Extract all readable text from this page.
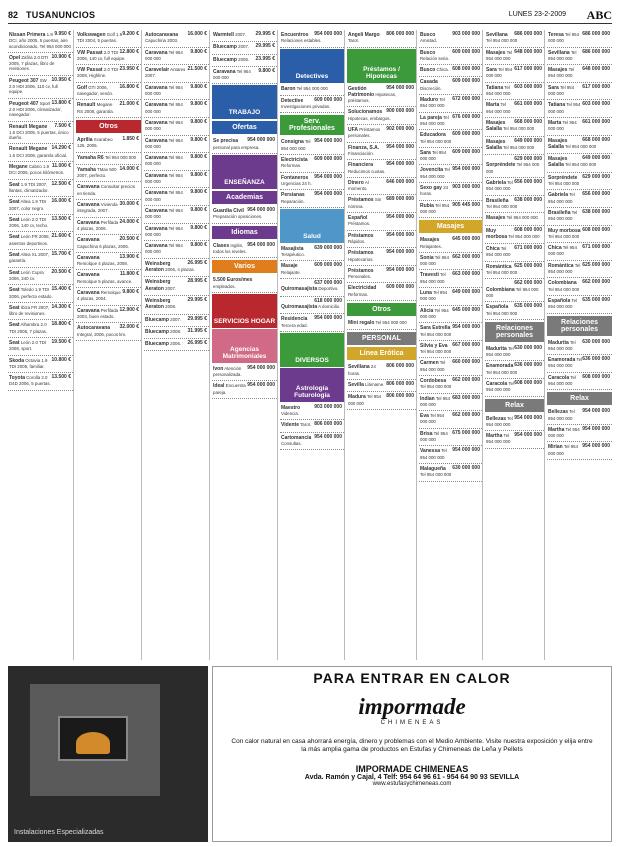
82 TUSANUNCIOS	LUNES 23-2-2009 ABC
9.950 €
Nissan Primera 1.9 DCI, año 2005, 5 puertas, aire acondicionado. Tel 954 000 000
10.900 €
Opel Zafira 2.0 DTI 2005, 7 plazas, libro de revisiones.
10.950 €
Peugeot 307 SW 2.0 HDI 2006, 110 cv, full equipe.
13.800 €
Peugeot 407 Sport 2.0 HDI 2006, climatizador, navegador.
7.500 €
Renault Megane 1.5 DCI 2005, 5 puertas, único dueño.
14.290 €
Renault Megane 1.5 DCI 2008, garantía oficial.
11.000 €
Megane Cabrio 1.9 DCI 2006, pocos kilómetros.
12.500 €
Seat 1.9 TDI 2007, llantas, climatizador.
16.000 €
Seat Altea 1.9 TDI 2007, color negro.
13.500 €
Seat León 2.0 TDI 2006, 140 cv, techo.
21.600 €
Seat León FR 2008, asientos deportivos.
15.700 €
Seat Altea XL 2007, garantía.
20.500 €
Seat León Cupra 2006, 240 cv.
15.400 €
Seat Toledo 1.9 TDI 2006, perfecto estado.
14.300 €
Seat Ibiza FR 2007, libro de revisiones.
18.800 €
Seat Alhambra 2.0 TDI 2006, 7 plazas.
19.500 €
Seat León 2.0 TDI 2008, sport.
10.800 €
Skoda Octavia 1.9 TDI 2005, familiar.
13.500 €
Toyota Corolla 2.0 D4D 2006, 5 puertas.
9.200 €
Volkswagen Golf 1.9 TDI 2004, 5 puertas.
12.800 €
VW Passat 2.0 TDI 2006, 140 cv, full equipe.
23.950 €
VW Passat 2.0 TDI 2008, Highline.
16.800 €
Golf GTI 2006, navegador, xenón.
21.000 €
Renault Megane RS 2008, garantía.
Otros
1.850 €
Aprilia Scarabeo 125, 2006.
Yamaha R6 Tel 954 000 000
14.000 €
Yamaha TMax 500 2007, perfecto.
Caravana Consultar precios en tienda.
30.000 €
Caravana Vivienda integrada, 2007.
24.000 €
Caravana Perfilada 4 plazas, 2006.
20.500 €
Caravana Capuchina 6 plazas, 2005.
13.900 €
Caravana Remolque 4 plazas, 2008.
11.800 €
Caravana Remolque 5 plazas, avance.
9.800 €
Caravana Remolque 4 plazas, 2004.
12.900 €
Caravana Perfilada 2003, buen estado.
32.000 €
Autocaravana Integral, 2006, pocos km.
16.000 €
Autocaravana Capuchina 2003.
9.800 €
Caravana Tel 954 000 000
21.500 €
Caravelair Antares 2007.
9.800 €
Caravana Tel 954 000 000
9.800 €
Caravana Tel 954 000 000
9.800 €
Caravana Tel 954 000 000
9.800 €
Caravana Tel 954 000 000
9.800 €
Caravana Tel 954 000 000
9.800 €
Caravana Tel 954 000 000
9.800 €
Caravana Tel 954 000 000
9.800 €
Caravana Tel 954 000 000
9.800 €
Caravana Tel 954 000 000
9.800 €
Caravana Tel 954 000 000
26.995 €
Weinsberg Aeraton 2006, 4 plazas.
28.995 €
Weinsberg Aeraton 2007.
29.995 €
Weinsberg Aeraton 2008.
29.995 €
Bluecamp 2007.
31.995 €
Bluecamp 2008.
26.995 €
Bluecamp 2006.
29.995 €
Warmtell 2007.
29.995 €
Bluecamp 2007.
23.995 €
Bluecamp 2006.
9.800 €
Caravana Tel 954 000 000
TRABAJO
Ofertas
954 000 000
Se precisa personal para empresa.
ENSEÑANZA
Academias
954 000 000
Guardia Civil Preparación oposiciones.
Idiomas
954 000 000
Clases Inglés, todos los niveles.
Varios
5.500 Euros/mes empleados.
SERVICIOS HOGAR
Agencias Matrimoniales
954 000 000
Ivon Atención personalizada.
954 000 000
Ideal Encuentra pareja.
954 000 000
Encuentros Relaciones estables.
Detectives
Baron Tel 954 000 000
609 000 000
Detective Investigaciones privadas.
Serv. Profesionales
954 000 000
Consigna Tel 954 000 000
609 000 000
Electricista Reformas.
954 000 000
Fontaneros Urgencias 24 h.
954 000 000
Persianas Reparación.
Salud
639 000 000
Masajista Terapéutico.
609 000 000
Masaje Relajante.
637 000 000
Quiromasajista Deportivo.
618 000 000
Quiromasajista A domicilio.
954 000 000
Residencia Tercera edad.
DIVERSOS
Astrología Futurología
903 000 000
Maestro Videncia.
806 000 000
Vidente Tarot.
954 000 000
Cartomancia Consultas.
806 000 000
Angeli Margo Tarot.
Préstamos / Hipotecas
954 000 000
Gestión Patrimonio Hipotecas, préstamos.
900 000 000
Solucionamos Hipotecas, embargos.
902 000 000
UFA Préstamos personales.
954 000 000
Finanza, S.A. Financiación.
954 000 000
Financiera Reducimos cuotas.
646 000 000
Dinero Al momento.
689 000 000
Préstamos Sin nómina.
954 000 000
Español Préstamos.
954 000 000
Préstamos Rápidos.
954 000 000
Préstamos Hipotecarios.
954 000 000
Préstamos Personales.
609 000 000
Electricidad Reformas.
Otros
Mini regalo Tel 954 000 000
PERSONAL
Línea Erótica
806 000 000
Sevillana 24 horas.
806 000 000
Sevilla Llámame.
806 000 000
Madura Tel 954 000 000
903 000 000
Busco Amistad.
609 000 000
Busco Relación seria.
608 000 000
Busco Chica.
609 000 000
Casada Discreción.
672 000 000
Maduro Tel 954 000 000
676 000 000
La pareja Tel 954 000 000
609 000 000
Educadora Tel 954 000 000
609 000 000
Sara Tel 954 000 000
954 000 000
Jovencita Tel 954 000 000
903 000 000
Sexo gay 24 horas.
905 445 000
Rubia Tel 954 000 000
Masajes
645 000 000
Masajes Relajantes.
662 000 000
Sonia Tel 954 000 000
663 000 000
Travesti Tel 954 000 000
649 000 000
Luna Tel 954 000 000
645 000 000
Alicia Tel 954 000 000
954 000 000
Sara Estrella Tel 954 000 000
667 000 000
Silvia y Eva Tel 954 000 000
660 000 000
Carmen Tel 954 000 000
662 000 000
Cordobesa Tel 954 000 000
683 000 000
Indian Tel 954 000 000
662 000 000
Eva Tel 954 000 000
675 000 000
Brisa Tel 954 000 000
954 000 000
Vanessa Tel 954 000 000
630 000 000
Malagueña Tel 954 000 000
686 000 000
Sevillana Tel 954 000 000
648 000 000
Masajes Tel 954 000 000
617 000 000
Sara Tel 954 000 000
603 000 000
Tatiana Tel 954 000 000
661 000 000
Marta Tel 954 000 000
668 000 000
Masajes Salalla Tel 954 000 000
649 000 000
Masajes Salalla Tel 954 000 000
629 000 000
Sorpréndete Tel 954 000 000
656 000 000
Gabriela Tel 954 000 000
638 000 000
Brasileña Tel 954 000 000
Masajes Tel 954 000 000
608 000 000
Muy morbosa Tel 954 000 000
671 000 000
Chica Tel 954 000 000
625 000 000
Romántica Tel 954 000 000
662 000 000
Colombiana Tel 954 000 000
635 000 000
Española Tel 954 000 000
Relaciones personales
630 000 000
Madurita Tel 954 000 000
636 000 000
Enamorada Tel 954 000 000
608 000 000
Caracola Tel 954 000 000
Relax
954 000 000
Bellezas Tel 954 000 000
954 000 000
Martha Tel 954 000 000
686 000 000
Teresa Tel 954 000 000
686 000 000
Sevillana Tel 954 000 000
648 000 000
Masajes Tel 954 000 000
617 000 000
Sara Tel 954 000 000
603 000 000
Tatiana Tel 954 000 000
661 000 000
Marta Tel 954 000 000
668 000 000
Masajes Salalla Tel 954 000 000
649 000 000
Masajes Salalla Tel 954 000 000
629 000 000
Sorpréndete Tel 954 000 000
656 000 000
Gabriela Tel 954 000 000
638 000 000
Brasileña Tel 954 000 000
608 000 000
Muy morbosa Tel 954 000 000
671 000 000
Chica Tel 954 000 000
625 000 000
Romántica Tel 954 000 000
662 000 000
Colombiana Tel 954 000 000
635 000 000
Española Tel 954 000 000
Relaciones personales
630 000 000
Madurita Tel 954 000 000
636 000 000
Enamorada Tel 954 000 000
608 000 000
Caracola Tel 954 000 000
Relax
954 000 000
Bellezas Tel 954 000 000
954 000 000
Martha Tel 954 000 000
954 000 000
Mirian Tel 954 000 000
Instalaciones Especializadas
PARA ENTRAR EN CALOR
impormade
CHIMENEAS
Con calor natural en casa ahorrará energía, dinero y problemas con el Medio Ambiente. Visite nuestra exposición y elija entre la más amplia gama de productos en Estufas y Chimeneas de Leña y Pellets
IMPORMADE CHIMENEAS
Avda. Ramón y Cajal, 4 Telf: 954 64 96 61 - 954 64 90 93 SEVILLA
www.estufasychimeneas.com
